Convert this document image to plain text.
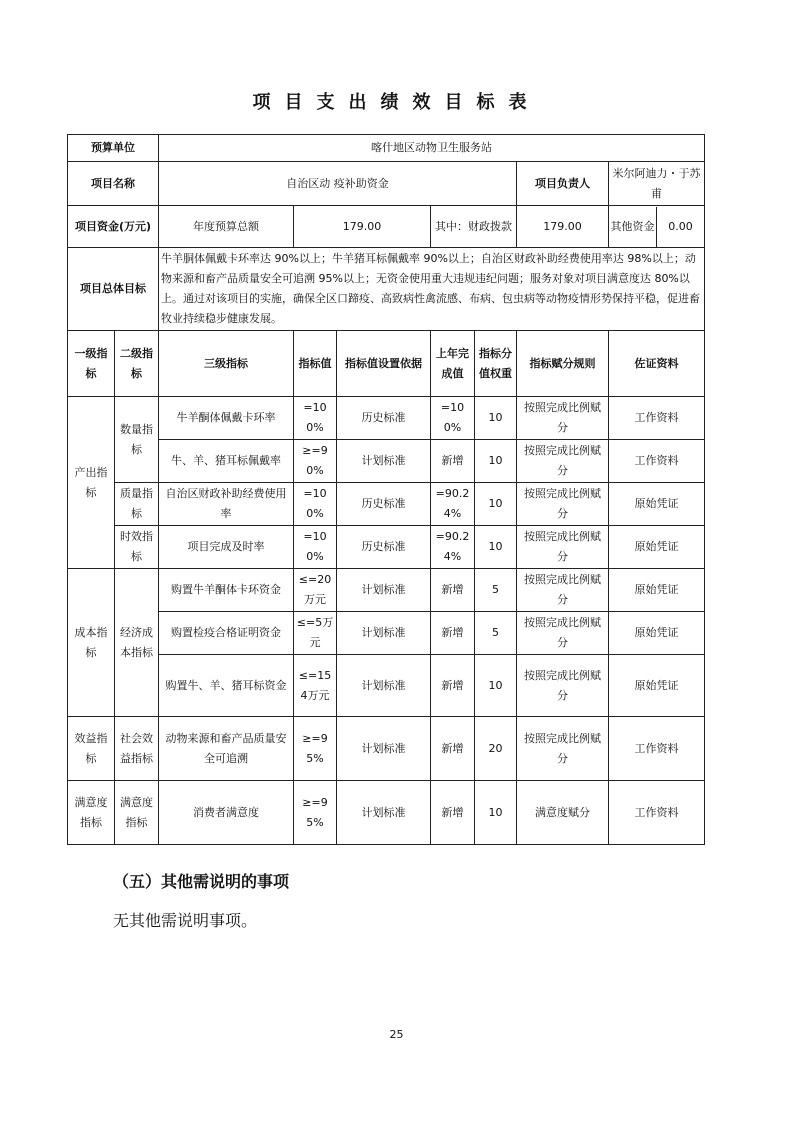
项目支出绩效目标表
预算单位		喀什地区动物卫生服务站						
项目名称		自治区动 疫补助资金					项目负责人	米尔阿迪力・于苏甫
项目资金(万元)		年度预算总额	179.00		其中：财政拨款		179.00	其他资金 0.00

项目总体目标		牛羊胴体佩戴卡环率达 90%以上；牛羊猪耳标佩戴率 90%以上；自治区财政补助经费使用率达 98%以上；动物来源和畜产品质量安全可追溯 95%以上；无资金使用重大违规违纪问题；服务对象对项目满意度达 80%以上。通过对该项目的实施，确保全区口蹄疫、高致病性禽流感、布病、包虫病等动物疫情形势保持平稳，促进畜牧业持续稳步健康发展。						
一级指标	二级指标	三级指标	指标值	指标值设置依据	上年完成值	指标分值权重	指标赋分规则	佐证资料
产出指标	数量指标	牛羊酮体佩戴卡环率	=100%	历史标准	=100%	10	按照完成比例赋分	工作资料
		牛、羊、猪耳标佩戴率	≥=90%	计划标准	新增	10	按照完成比例赋分	工作资料
	质量指标	自治区财政补助经费使用率	=100%	历史标准	=90.24%	10	按照完成比例赋分	原始凭证
	时效指标	项目完成及时率	=100%	历史标准	=90.24%	10	按照完成比例赋分	原始凭证
成本指标	经济成本指标	购置牛羊酮体卡环资金	≤=20万元	计划标准	新增	5	按照完成比例赋分	原始凭证
		购置检疫合格证明资金	≤=5万元	计划标准	新增	5	按照完成比例赋分	原始凭证
		购置牛、羊、猪耳标资金	≤=154万元	计划标准	新增	10	按照完成比例赋分	原始凭证
效益指标	社会效益指标	动物来源和畜产品质量安全可追溯	≥=95%	计划标准	新增	20	按照完成比例赋分	工作资料
满意度指标	满意度指标	消费者满意度	≥=95%	计划标准	新增	10	满意度赋分	工作资料
（五）其他需说明的事项
无其他需说明事项。
25
